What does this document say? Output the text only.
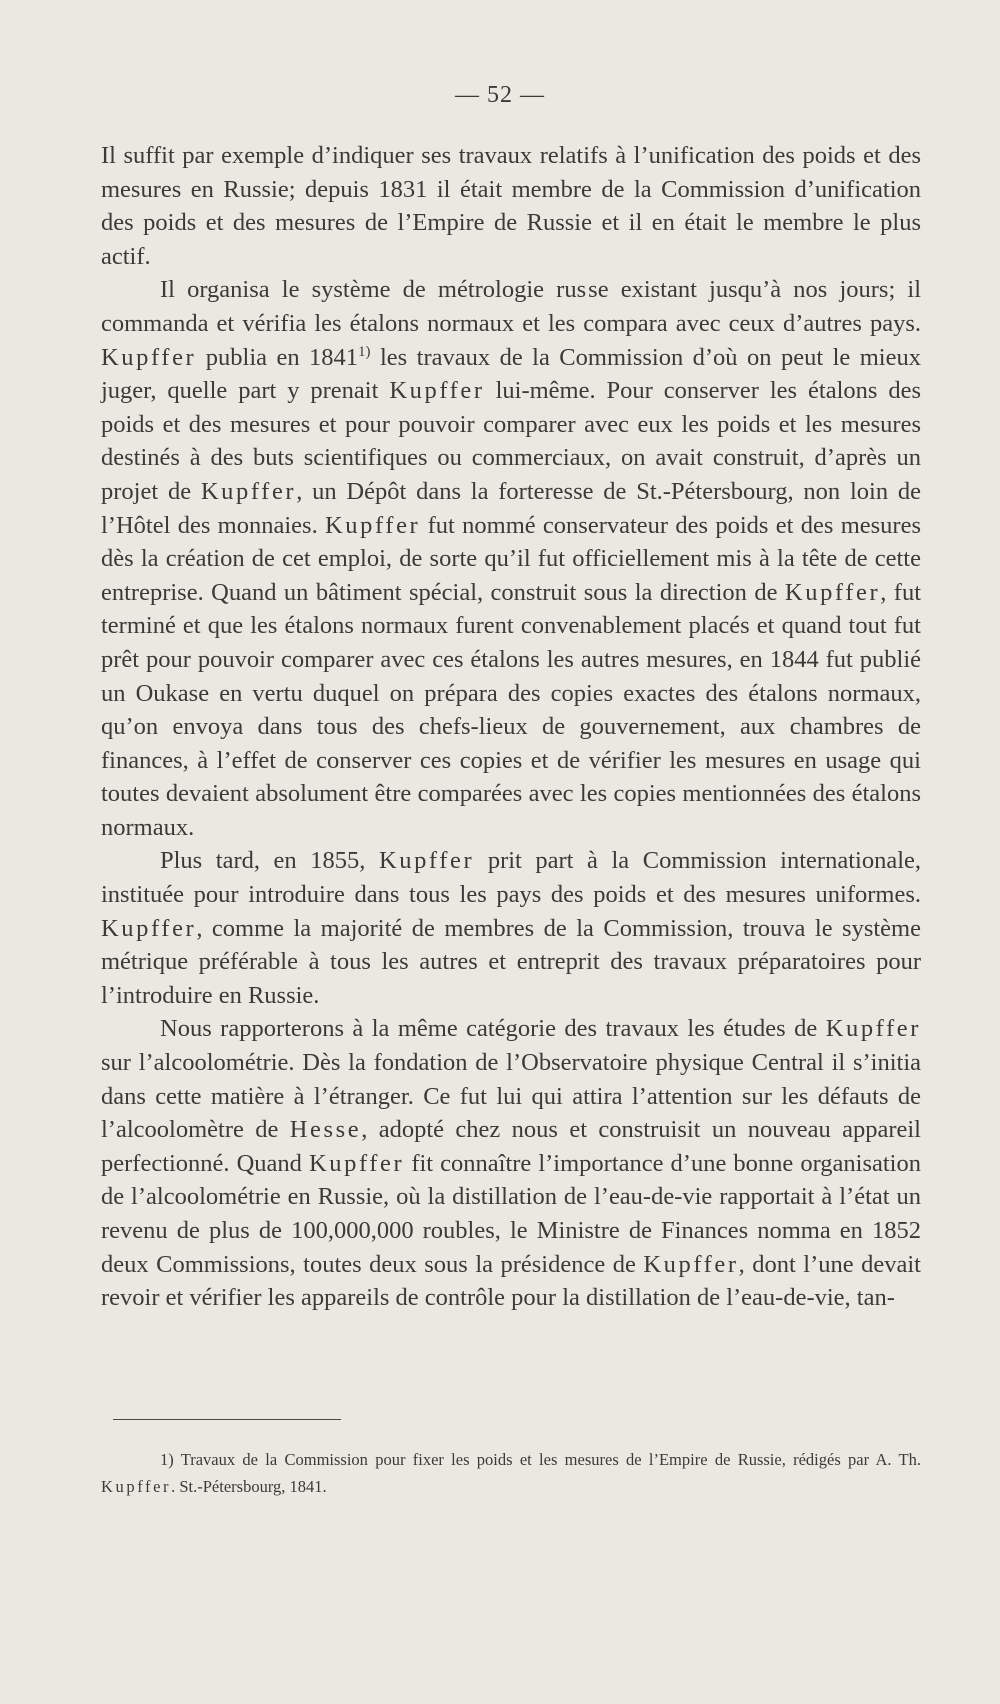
— 52 —

Il suffit par exemple d’indiquer ses travaux relatifs à l’unification des poids et des mesures en Russie; depuis 1831 il était membre de la Commission d’unification des poids et des mesures de l’Empire de Russie et il en était le membre le plus actif.

Il organisa le système de métrologie rus se existant jusqu’à nos jours; il commanda et vérifia les étalons normaux et les compara avec ceux d’autres pays. Kupffer publia en 1841$^{1)}$ les travaux de la Commission d’où on peut le mieux juger, quelle part y prenait Kupffer lui-même. Pour conserver les étalons des poids et des mesures et pour pouvoir comparer avec eux les poids et les mesures destinés à des buts scientifiques ou commerciaux, on avait construit, d’après un projet de Kupffer, un Dépôt dans la forteresse de St.-Pétersbourg, non loin de l’Hôtel des monnaies. Kupffer fut nommé conservateur des poids et des mesures dès la création de cet emploi, de sorte qu’il fut officiellement mis à la tête de cette entreprise. Quand un bâtiment spécial, construit sous la direction de Kupffer, fut terminé et que les étalons normaux furent convenablement placés et quand tout fut prêt pour pouvoir comparer avec ces étalons les autres mesures, en 1844 fut publié un Oukase en vertu duquel on prépara des copies exactes des étalons normaux, qu’on envoya dans tous des chefs-lieux de gouvernement, aux chambres de finances, à l’effet de conserver ces copies et de vérifier les mesures en usage qui toutes devaient absolument être comparées avec les copies mentionnées des étalons normaux.

Plus tard, en 1855, Kupffer prit part à la Commission internationale, instituée pour introduire dans tous les pays des poids et des mesures uniformes. Kupffer, comme la majorité de membres de la Commission, trouva le système métrique préférable à tous les autres et entreprit des travaux préparatoires pour l’introduire en Russie.

Nous rapporterons à la même catégorie des travaux les études de Kupffer sur l’alcoolométrie. Dès la fondation de l’Observatoire physique Central il s’initia dans cette matière à l’étranger. Ce fut lui qui attira l’attention sur les défauts de l’alcoolomètre de Hesse, adopté chez nous et construisit un nouveau appareil perfectionné. Quand Kupffer fit connaître l’importance d’une bonne organisation de l’alcoolométrie en Russie, où la distillation de l’eau-de-vie rapportait à l’état un revenu de plus de 100,000,000 roubles, le Ministre de Finances nomma en 1852 deux Commissions, toutes deux sous la présidence de Kupffer, dont l’une devait revoir et vérifier les appareils de contrôle pour la distillation de l’eau-de-vie, tan-

1) Travaux de la Commission pour fixer les poids et les mesures de l’Empire de Russie, rédigés par A. Th. Kupffer. St.-Pétersbourg, 1841.
